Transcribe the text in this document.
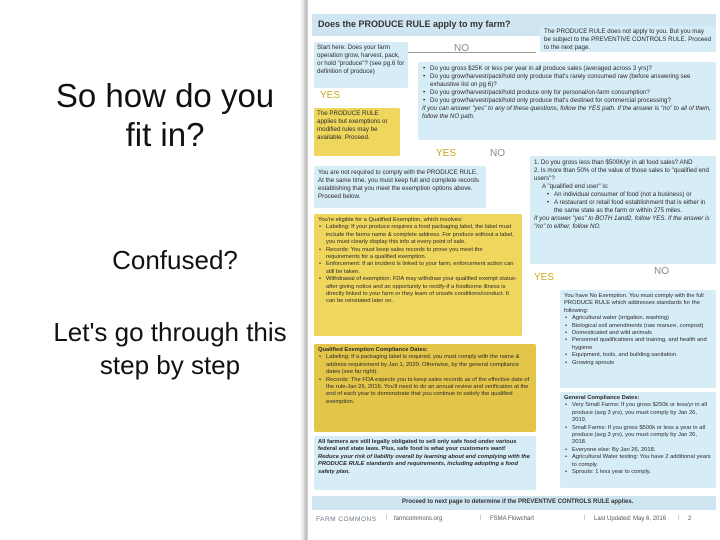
So how do you fit in?
Confused?
Let's go through this step by step
Does the PRODUCE RULE apply to my farm?
Start here: Does your farm operation grow, harvest, pack, or hold "produce"? (see pg.6 for definition of produce)
NO
The PRODUCE RULE does not apply to you. But you may be subject to the PREVENTIVE CONTROLS RULE. Proceed to the next page.
YES
• Do you gross $25K or less per year in all produce sales (averaged across 3 yrs)?
• Do you grow/harvest/pack/hold only produce that's rarely consumed raw (before answering see exhaustive list on pg 6)?
• Do you grow/harvest/pack/hold produce only for personal/on-farm consumption?
• Do you grow/harvest/pack/hold only produce that's destined for commercial processing?
If you can answer "yes" to any of these questions, follow the YES path. If the answer is "no" to all of them, follow the NO path.
The PRODUCE RULE applies but exemptions or modified rules may be available. Proceed.
YES	NO
You are not required to comply with the PRODUCE RULE. At the same time, you must keep full and complete records establishing that you meet the exemption options above. Proceed below.
1. Do you gross less than $500K/yr in all food sales? AND
2. Is more than 50% of the value of those sales to "qualified end users"?
A "qualified end user" is:
• An individual consumer of food (not a business) or
• A restaurant or retail food establishment that is either in the same state as the farm or within 275 miles.
If you answer "yes" to BOTH 1and2, follow YES. If the answer is "no" to either, follow NO.
You're eligible for a Qualified Exemption, which involves:
• Labeling: If your produce requires a food packaging label, the label must include the farms name & complete address. For produce without a label, you must clearly display this info at every point of sale.
• Records: You must keep sales records to prove you meet the requirements for a qualified exemption.
• Enforcement: If an incident is linked to your farm, enforcement action can still be taken.
• Withdrawal of exemption: FDA may withdraw your qualified exempt status-after giving notice and an opportunity to rectify-if a foodborne illness is directly linked to your farm or they learn of unsafe conditions/conduct. It can be reinstated later on.
YES
NO
You have No Exemption. You must comply with the full PRODUCE RULE which addresses standards for the following:
• Agricultural water (irrigation, washing)
• Biological soil amendments (raw manure, compost)
• Domesticated and wild animals
• Personnel qualifications and training, and health and hygiene
• Equipment, tools, and building sanitation.
• Growing sprouts
Qualified Exemption Compliance Dates:
• Labeling: If a packaging label is required, you must comply with the name & address requirement by Jan 1, 2020. Otherwise, by the general compliance dates (see far right).
• Records: The FDA expects you to keep sales records as of the effective date of the rule-Jan 26, 2016. You'll need to do an annual review and verification at the end of each year to demonstrate that you continue to satisfy the qualified exemption.
General Compliance Dates:
• Very Small Farms: If you gross $250k or less/yr in all produce (avg 3 yrs), you must comply by Jan 26, 2019.
• Small Farms: If you gross $500k or less a year in all produce (avg 3 yrs), you must comply by Jan 26, 2018.
• Everyone else: By Jan 26, 2018.
• Agricultural Water testing: You have 2 additional years to comply.
• Sprouts: 1 less year to comply.
All farmers are still legally obligated to sell only safe food under various federal and state laws. Plus, safe food is what your customers want!
Reduce your risk of liability overall by learning about and complying with the PRODUCE RULE standards and requirements, including adopting a food safety plan.
Proceed to next page to determine if the PREVENTIVE CONTROLS RULE applies.
FARM COMMONS | farmcommons.org	| FSMA Flowchart	| Last Updated: May 6, 2016 | 2
